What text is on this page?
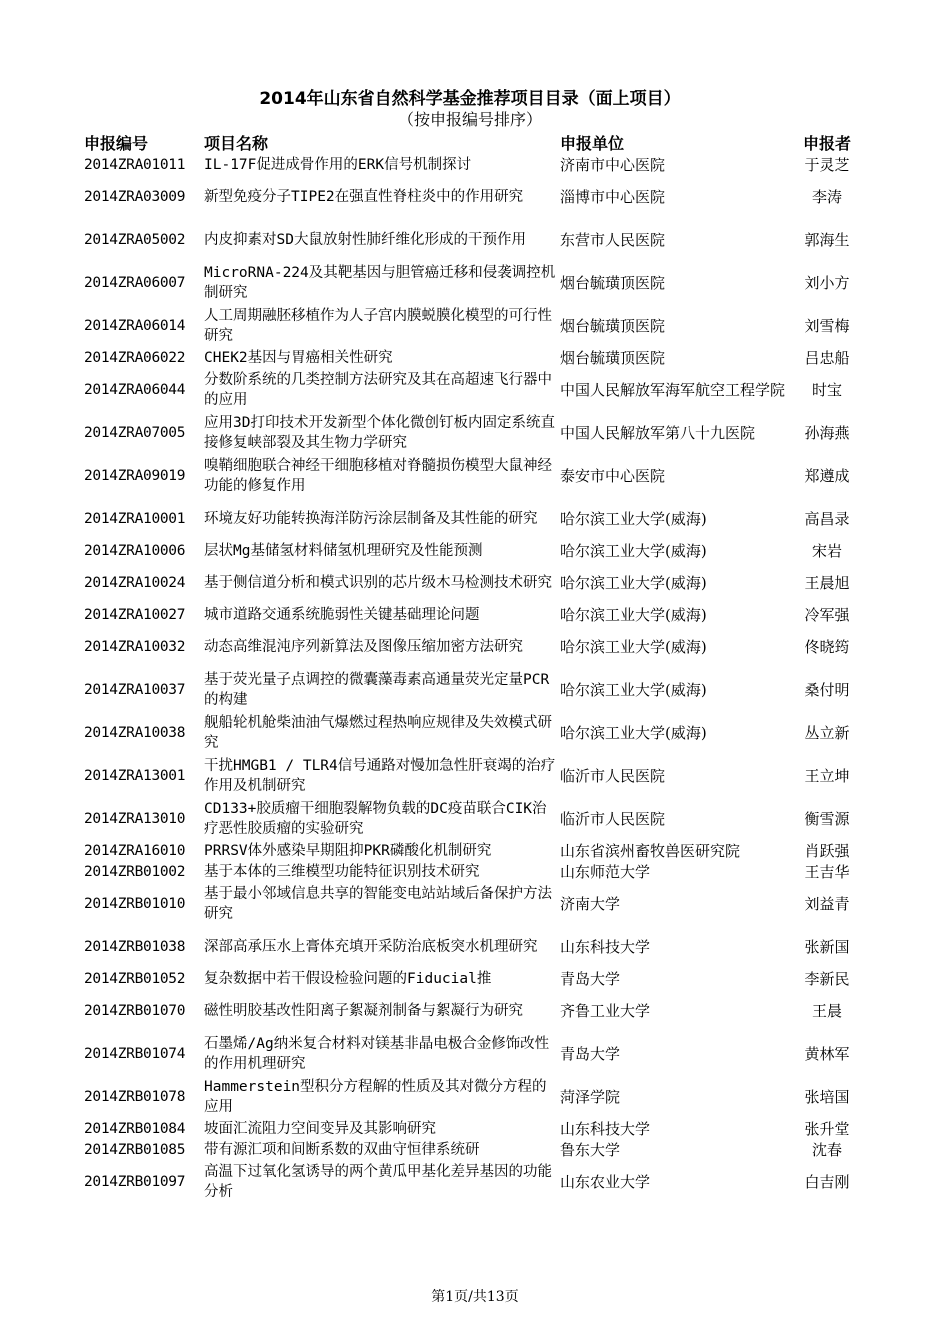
2014年山东省自然科学基金推荐项目目录（面上项目）
（按申报编号排序）
申报编号	项目名称	申报单位	申报者
2014ZRA01011	IL-17F促进成骨作用的ERK信号机制探讨	济南市中心医院	于灵芝
2014ZRA03009	新型免疫分子TIPE2在强直性脊柱炎中的作用研究	淄博市中心医院	李涛
2014ZRA05002	内皮抑素对SD大鼠放射性肺纤维化形成的干预作用	东营市人民医院	郭海生
2014ZRA06007	MicroRNA-224及其靶基因与胆管癌迁移和侵袭调控机制研究	烟台毓璜顶医院	刘小方
2014ZRA06014	人工周期融胚移植作为人子宫内膜蜕膜化模型的可行性研究	烟台毓璜顶医院	刘雪梅
2014ZRA06022	CHEK2基因与胃癌相关性研究	烟台毓璜顶医院	吕忠船
2014ZRA06044	分数阶系统的几类控制方法研究及其在高超速飞行器中的应用	中国人民解放军海军航空工程学院	时宝
2014ZRA07005	应用3D打印技术开发新型个体化微创钉板内固定系统直接修复峡部裂及其生物力学研究	中国人民解放军第八十九医院	孙海燕
2014ZRA09019	嗅鞘细胞联合神经干细胞移植对脊髓损伤模型大鼠神经功能的修复作用	泰安市中心医院	郑遵成
2014ZRA10001	环境友好功能转换海洋防污涂层制备及其性能的研究	哈尔滨工业大学(威海)	高昌录
2014ZRA10006	层状Mg基储氢材料储氢机理研究及性能预测	哈尔滨工业大学(威海)	宋岩
2014ZRA10024	基于侧信道分析和模式识别的芯片级木马检测技术研究	哈尔滨工业大学(威海)	王晨旭
2014ZRA10027	城市道路交通系统脆弱性关键基础理论问题	哈尔滨工业大学(威海)	冷军强
2014ZRA10032	动态高维混沌序列新算法及图像压缩加密方法研究	哈尔滨工业大学(威海)	佟晓筠
2014ZRA10037	基于荧光量子点调控的微囊藻毒素高通量荧光定量PCR的构建	哈尔滨工业大学(威海)	桑付明
2014ZRA10038	舰船轮机舱柴油油气爆燃过程热响应规律及失效模式研究	哈尔滨工业大学(威海)	丛立新
2014ZRA13001	干扰HMGB1 / TLR4信号通路对慢加急性肝衰竭的治疗作用及机制研究	临沂市人民医院	王立坤
2014ZRA13010	CD133+胶质瘤干细胞裂解物负载的DC疫苗联合CIK治疗恶性胶质瘤的实验研究	临沂市人民医院	衡雪源
2014ZRA16010	PRRSV体外感染早期阻抑PKR磷酸化机制研究	山东省滨州畜牧兽医研究院	肖跃强
2014ZRB01002	基于本体的三维模型功能特征识别技术研究	山东师范大学	王吉华
2014ZRB01010	基于最小邻域信息共享的智能变电站站域后备保护方法研究	济南大学	刘益青
2014ZRB01038	深部高承压水上膏体充填开采防治底板突水机理研究	山东科技大学	张新国
2014ZRB01052	复杂数据中若干假设检验问题的Fiducial推	青岛大学	李新民
2014ZRB01070	磁性明胶基改性阳离子絮凝剂制备与絮凝行为研究	齐鲁工业大学	王晨
2014ZRB01074	石墨烯/Ag纳米复合材料对镁基非晶电极合金修饰改性的作用机理研究	青岛大学	黄林军
2014ZRB01078	Hammerstein型积分方程解的性质及其对微分方程的应用	菏泽学院	张培国
2014ZRB01084	坡面汇流阻力空间变异及其影响研究	山东科技大学	张升堂
2014ZRB01085	带有源汇项和间断系数的双曲守恒律系统研	鲁东大学	沈春
2014ZRB01097	高温下过氧化氢诱导的两个黄瓜甲基化差异基因的功能分析	山东农业大学	白吉刚
第1页/共13页
